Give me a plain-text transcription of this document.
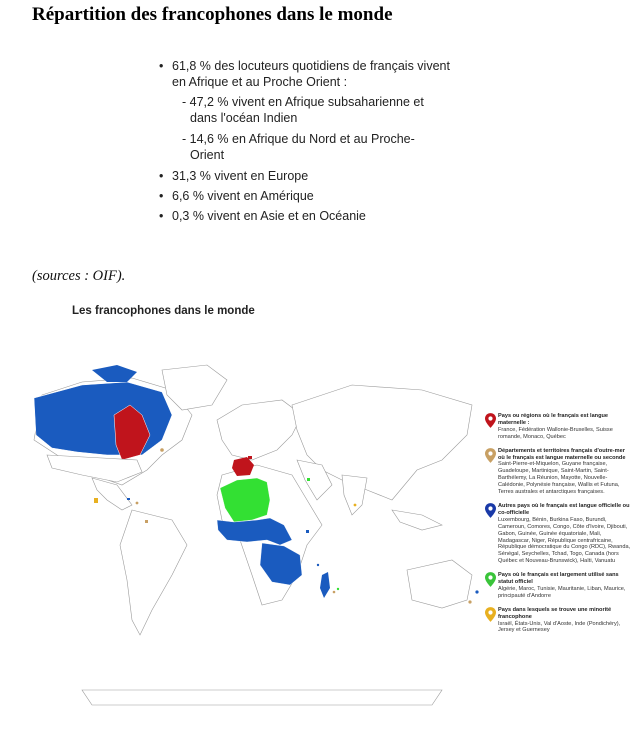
Répartition des francophones dans le monde
• 61,8 % des locuteurs quotidiens de français vivent en Afrique et au Proche Orient :
- 47,2 % vivent en Afrique subsaharienne et dans l'océan Indien
- 14,6 % en Afrique du Nord et au Proche-Orient
• 31,3 % vivent en Europe
• 6,6 % vivent en Amérique
• 0,3 % vivent en Asie et en Océanie
(sources : OIF).
Les francophones dans le monde
Pays ou régions où le français est langue maternelle :
France, Fédération Wallonie-Bruxelles, Suisse romande, Monaco, Québec
Départements et territoires français d'outre-mer où le français est langue maternelle ou seconde
Saint-Pierre-et-Miquelon, Guyane française, Guadeloupe, Martinique, Saint-Martin, Saint-Barthélemy, La Réunion, Mayotte, Nouvelle-Calédonie, Polynésie française, Wallis et Futuna, Terres australes et antarctiques françaises.
Autres pays où le français est langue officielle ou co-officielle
Luxembourg, Bénin, Burkina Faso, Burundi, Cameroun, Comores, Congo, Côte d'Ivoire, Djibouti, Gabon, Guinée, Guinée équatoriale, Mali, Madagascar, Niger, République centrafricaine, République démocratique du Congo (RDC), Rwanda, Sénégal, Seychelles, Tchad, Togo, Canada (hors Québec et Nouveau-Brunswick), Haïti, Vanuatu
Pays où le français est largement utilisé sans statut officiel
Algérie, Maroc, Tunisie, Mauritanie, Liban, Maurice, principauté d'Andorre
Pays dans lesquels se trouve une minorité francophone
Israël, États-Unis, Val d'Aoste, Inde (Pondichéry), Jersey et Guernesey
